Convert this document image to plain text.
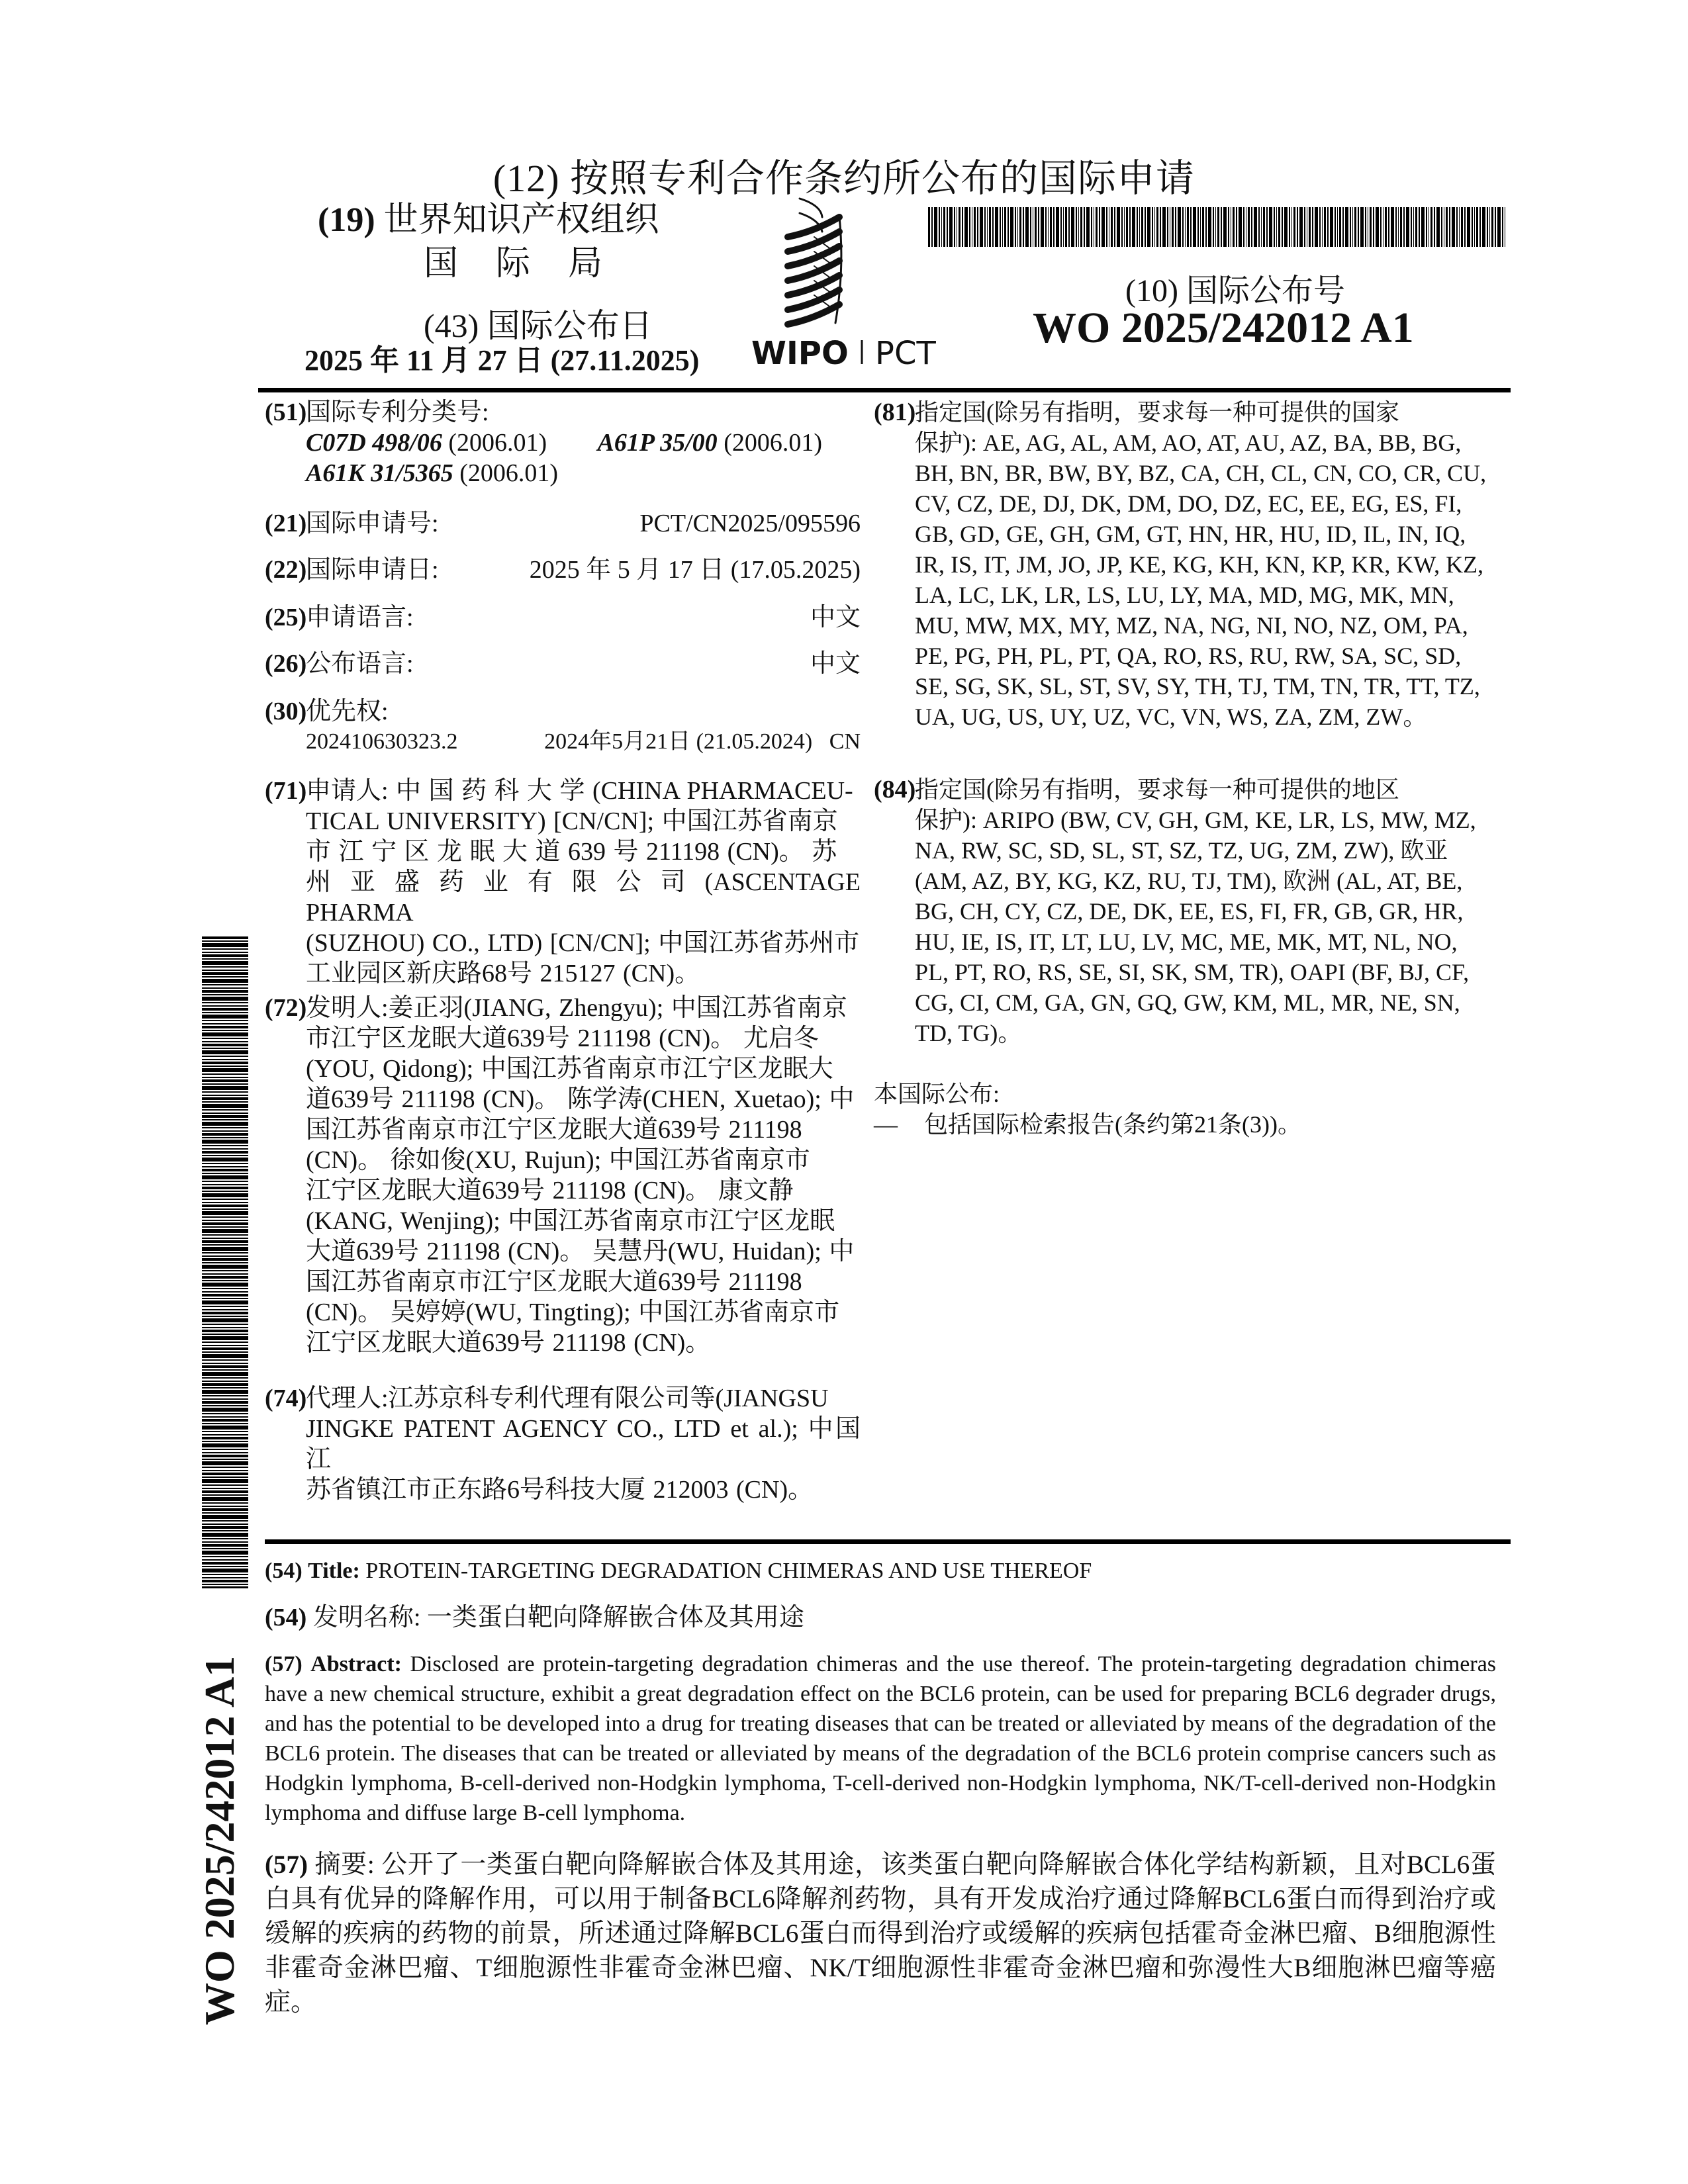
(12) 按照专利合作条约所公布的国际申请
(19) 世界知识产权组织
国 际 局
(43) 国际公布日
2025 年 11 月 27 日 (27.11.2025) WIPO PCT
(10) 国际公布号
WO 2025/242012 A1
(51)
国际专利分类号:
C07D 498/06 (2006.01) A61P 35/00 (2006.01)
A61K 31/5365 (2006.01)
(21)
国际申请号:	PCT/CN2025/095596
(22)
国际申请日:	2025 年 5 月 17 日 (17.05.2025)
(25)
申请语言:	中文
(26)
公布语言:	中文
(30)
优先权:
202410630323.2	2024年5月21日 (21.05.2024) CN
(71)
申请人: 中 国 药 科 大 学 (CHINA PHARMACEU-
TICAL UNIVERSITY) [CN/CN]; 中国江苏省南京
市 江 宁 区 龙 眠 大 道 639 号 211198 (CN)。 苏
州 亚 盛 药 业 有 限 公 司 (ASCENTAGE PHARMA
(SUZHOU) CO., LTD) [CN/CN]; 中国江苏省苏州市
工业园区新庆路68号 215127 (CN)。
(72)
发明人:姜正羽(JIANG, Zhengyu); 中国江苏省南京
市江宁区龙眠大道639号 211198 (CN)。 尤启冬
(YOU, Qidong); 中国江苏省南京市江宁区龙眠大
道639号 211198 (CN)。 陈学涛(CHEN, Xuetao); 中
国江苏省南京市江宁区龙眠大道639号 211198
(CN)。 徐如俊(XU, Rujun); 中国江苏省南京市
江宁区龙眠大道639号 211198 (CN)。 康文静
(KANG, Wenjing); 中国江苏省南京市江宁区龙眠
大道639号 211198 (CN)。 吴慧丹(WU, Huidan); 中
国江苏省南京市江宁区龙眠大道639号 211198
(CN)。 吴婷婷(WU, Tingting); 中国江苏省南京市
江宁区龙眠大道639号 211198 (CN)。
(74)
代理人:江苏京科专利代理有限公司等(JIANGSU
JINGKE PATENT AGENCY CO., LTD et al.); 中国江
苏省镇江市正东路6号科技大厦 212003 (CN)。
(81)
指定国(除另有指明，要求每一种可提供的国家
保护): AE, AG, AL, AM, AO, AT, AU, AZ, BA, BB, BG,
BH, BN, BR, BW, BY, BZ, CA, CH, CL, CN, CO, CR, CU,
CV, CZ, DE, DJ, DK, DM, DO, DZ, EC, EE, EG, ES, FI,
GB, GD, GE, GH, GM, GT, HN, HR, HU, ID, IL, IN, IQ,
IR, IS, IT, JM, JO, JP, KE, KG, KH, KN, KP, KR, KW, KZ,
LA, LC, LK, LR, LS, LU, LY, MA, MD, MG, MK, MN,
MU, MW, MX, MY, MZ, NA, NG, NI, NO, NZ, OM, PA,
PE, PG, PH, PL, PT, QA, RO, RS, RU, RW, SA, SC, SD,
SE, SG, SK, SL, ST, SV, SY, TH, TJ, TM, TN, TR, TT, TZ,
UA, UG, US, UY, UZ, VC, VN, WS, ZA, ZM, ZW。
(84)
指定国(除另有指明，要求每一种可提供的地区
保护): ARIPO (BW, CV, GH, GM, KE, LR, LS, MW, MZ,
NA, RW, SC, SD, SL, ST, SZ, TZ, UG, ZM, ZW), 欧亚
(AM, AZ, BY, KG, KZ, RU, TJ, TM), 欧洲 (AL, AT, BE,
BG, CH, CY, CZ, DE, DK, EE, ES, FI, FR, GB, GR, HR,
HU, IE, IS, IT, LT, LU, LV, MC, ME, MK, MT, NL, NO,
PL, PT, RO, RS, SE, SI, SK, SM, TR), OAPI (BF, BJ, CF,
CG, CI, CM, GA, GN, GQ, GW, KM, ML, MR, NE, SN,
TD, TG)。
本国际公布:
— 包括国际检索报告(条约第21条(3))。
(54) Title: PROTEIN-TARGETING DEGRADATION CHIMERAS AND USE THEREOF
(54) 发明名称: 一类蛋白靶向降解嵌合体及其用途
(57) Abstract: Disclosed are protein-targeting degradation chimeras and the use thereof. The protein-targeting degradation chimeras have a new chemical structure, exhibit a great degradation effect on the BCL6 protein, can be used for preparing BCL6 degrader drugs, and has the potential to be developed into a drug for treating diseases that can be treated or alleviated by means of the degradation of the BCL6 protein. The diseases that can be treated or alleviated by means of the degradation of the BCL6 protein comprise cancers such as Hodgkin lymphoma, B-cell-derived non-Hodgkin lymphoma, T-cell-derived non-Hodgkin lymphoma, NK/T-cell-derived non-Hodgkin lymphoma and diffuse large B-cell lymphoma.
(57) 摘要: 公开了一类蛋白靶向降解嵌合体及其用途，该类蛋白靶向降解嵌合体化学结构新颖，且对BCL6蛋白具有优异的降解作用，可以用于制备BCL6降解剂药物，具有开发成治疗通过降解BCL6蛋白而得到治疗或缓解的疾病的药物的前景，所述通过降解BCL6蛋白而得到治疗或缓解的疾病包括霍奇金淋巴瘤、B细胞源性非霍奇金淋巴瘤、T细胞源性非霍奇金淋巴瘤、NK/T细胞源性非霍奇金淋巴瘤和弥漫性大B细胞淋巴瘤等癌症。
WO 2025/242012 A1
